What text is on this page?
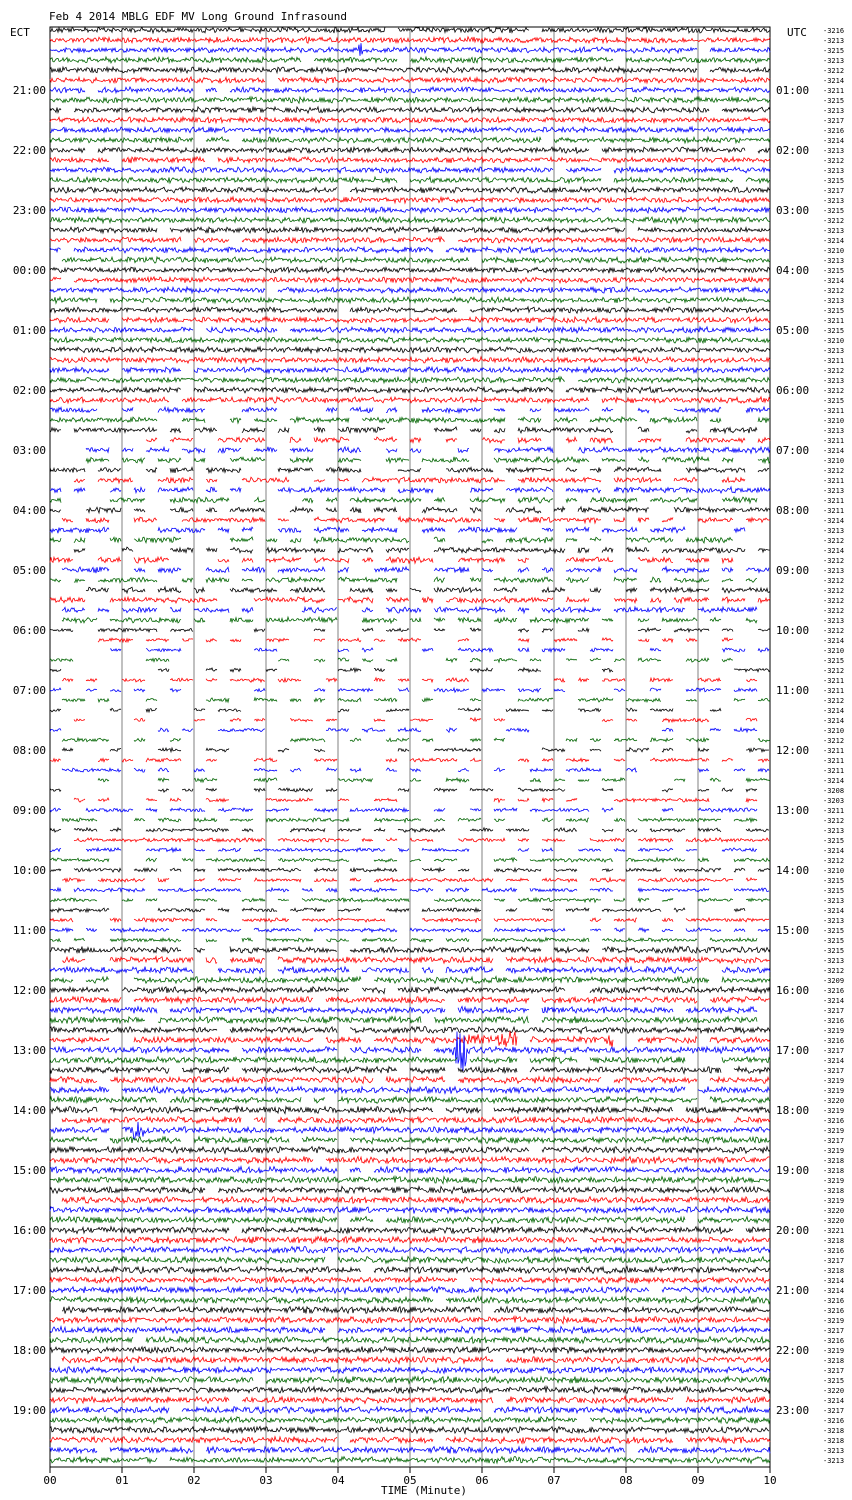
Feb 4 2014 MBLG EDF MV Long Ground Infrasound
ECT	UTC
21:00
22:00
23:00
00:00
01:00
02:00
03:00
04:00
05:00
06:00
07:00
08:00
09:00
10:00
11:00
12:00
13:00
14:00
15:00
16:00
17:00
18:00
19:00
01:00
02:00
03:00
04:00
05:00
06:00
07:00
08:00
09:00
10:00
11:00
12:00
13:00
14:00
15:00
16:00
17:00
18:00
19:00
20:00
21:00
22:00
23:00
-3216
-3213
-3215
-3213
-3212
-3214
-3211
-3215
-3213
-3217
-3216
-3214
-3213
-3212
-3213
-3215
-3217
-3213
-3215
-3212
-3213
-3214
-3210
-3213
-3215
-3214
-3212
-3213
-3215
-3211
-3215
-3210
-3213
-3211
-3212
-3213
-3212
-3215
-3211
-3210
-3213
-3211
-3214
-3210
-3212
-3211
-3213
-3211
-3211
-3214
-3213
-3212
-3214
-3212
-3213
-3212
-3212
-3212
-3212
-3213
-3212
-3214
-3210
-3215
-3212
-3211
-3211
-3212
-3214
-3214
-3210
-3212
-3211
-3211
-3211
-3214
-3208
-3203
-3211
-3212
-3213
-3215
-3214
-3212
-3210
-3215
-3215
-3213
-3214
-3213
-3215
-3215
-3215
-3213
-3212
-3209
-3216
-3214
-3217
-3216
-3219
-3216
-3217
-3214
-3217
-3219
-3219
-3220
-3219
-3216
-3219
-3217
-3219
-3218
-3218
-3219
-3218
-3219
-3220
-3220
-3221
-3218
-3216
-3217
-3218
-3214
-3214
-3216
-3216
-3219
-3217
-3216
-3219
-3218
-3217
-3215
-3220
-3214
-3217
-3216
-3218
-3218
-3213
-3213
00	01	02	03	04	05	06	07	08	09	10
TIME (Minute)
